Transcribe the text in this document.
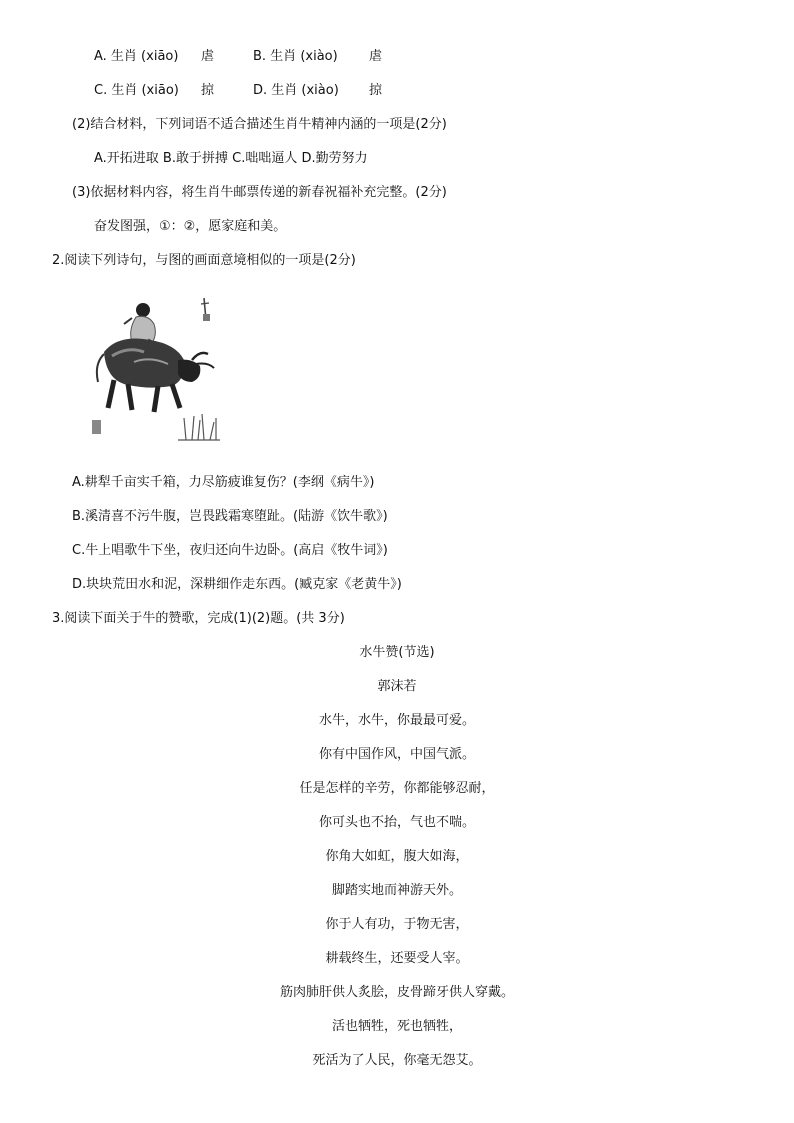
A. 生肖 (xiāo) 虐	B. 生肖 (xiào) 虐
C. 生肖 (xiāo) 掠	D. 生肖 (xiào) 掠
(2)结合材料，下列词语不适合描述生肖牛精神内涵的一项是(2分)
A.开拓进取 B.敢于拼搏 C.咄咄逼人 D.勤劳努力
(3)依据材料内容，将生肖牛邮票传递的新春祝福补充完整。(2分)
奋发图强，①：②，愿家庭和美。
2.阅读下列诗句，与图的画面意境相似的一项是(2分)
A.耕犁千亩实千箱，力尽筋疲谁复伤？(李纲《病牛》)
B.溪清喜不污牛腹，岂畏践霜寒堕趾。(陆游《饮牛歌》)
C.牛上唱歌牛下坐，夜归还向牛边卧。(高启《牧牛词》)
D.块块荒田水和泥，深耕细作走东西。(臧克家《老黄牛》)
3.阅读下面关于牛的赞歌，完成(1)(2)题。(共 3分)
水牛赞(节选)
郭沫若
水牛，水牛，你最最可爱。
你有中国作风，中国气派。
任是怎样的辛劳，你都能够忍耐，
你可头也不抬，气也不喘。
你角大如虹，腹大如海，
脚踏实地而神游天外。
你于人有功，于物无害，
耕载终生，还要受人宰。
筋肉肺肝供人炙脍，皮骨蹄牙供人穿戴。
活也牺牲，死也牺牲，
死活为了人民，你毫无怨艾。
